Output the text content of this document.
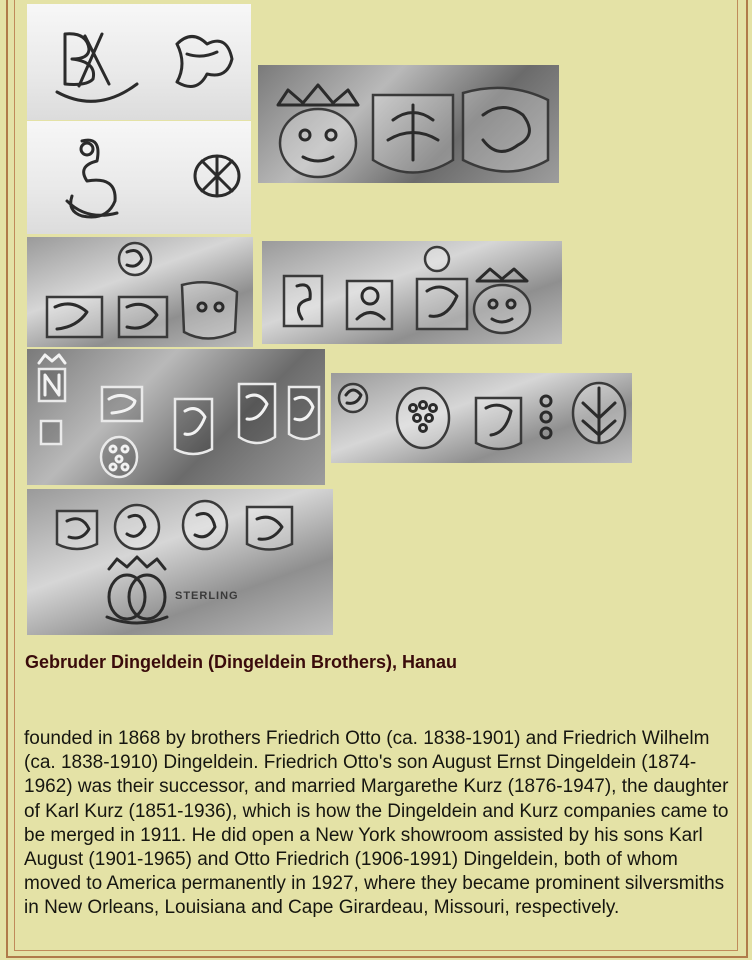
STERLING
Gebruder Dingeldein (Dingeldein Brothers), Hanau

founded in 1868 by brothers Friedrich Otto (ca. 1838-1901) and Friedrich Wilhelm (ca. 1838-1910) Dingeldein. Friedrich Otto's son August Ernst Dingeldein (1874-1962) was their successor, and married Margarethe Kurz (1876-1947), the daughter of Karl Kurz (1851-1936), which is how the Dingeldein and Kurz companies came to be merged in 1911. He did open a New York showroom assisted by his sons Karl August (1901-1965) and Otto Friedrich (1906-1991) Dingeldein, both of whom moved to America permanently in 1927, where they became prominent silversmiths in New Orleans, Louisiana and Cape Girardeau, Missouri, respectively.
